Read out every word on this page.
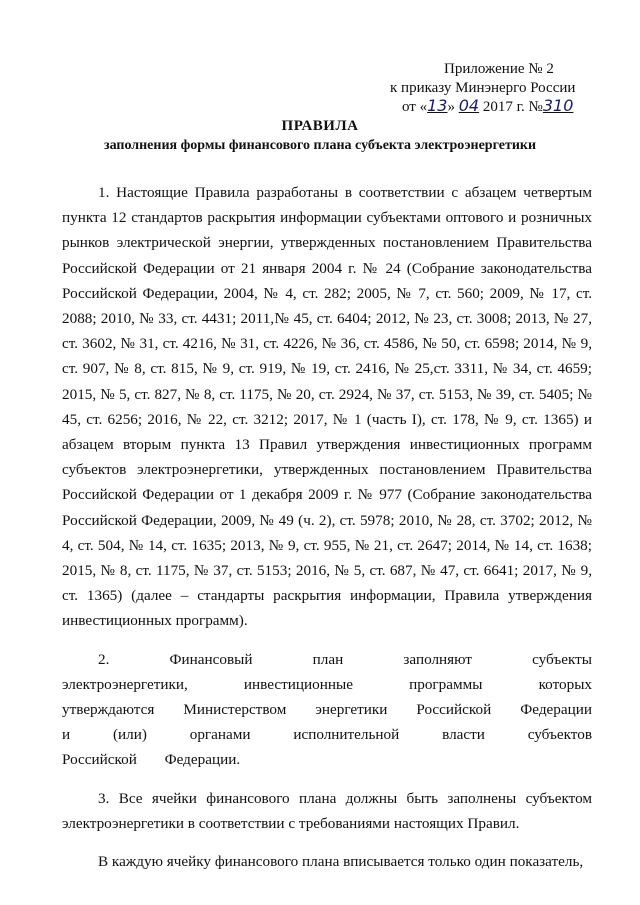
Приложение № 2
к приказу Минэнерго России
от «13» 04 2017 г. №310
ПРАВИЛА
заполнения формы финансового плана субъекта электроэнергетики

1. Настоящие Правила разработаны в соответствии с абзацем четвертым пункта 12 стандартов раскрытия информации субъектами оптового и розничных рынков электрической энергии, утвержденных постановлением Правительства Российской Федерации от 21 января 2004 г. № 24 (Собрание законодательства Российской Федерации, 2004, № 4, ст. 282; 2005, № 7, ст. 560; 2009, № 17, ст. 2088; 2010, № 33, ст. 4431; 2011,№ 45, ст. 6404; 2012, № 23, ст. 3008; 2013, № 27, ст. 3602, № 31, ст. 4216, № 31, ст. 4226, № 36, ст. 4586, № 50, ст. 6598; 2014, № 9, ст. 907, № 8, ст. 815, № 9, ст. 919, № 19, ст. 2416, № 25,ст. 3311, № 34, ст. 4659; 2015, № 5, ст. 827, № 8, ст. 1175, № 20, ст. 2924, № 37, ст. 5153, № 39, ст. 5405; № 45, ст. 6256; 2016, № 22, ст. 3212; 2017, № 1 (часть I), ст. 178, № 9, ст. 1365) и абзацем вторым пункта 13 Правил утверждения инвестиционных программ субъектов электроэнергетики, утвержденных постановлением Правительства Российской Федерации от 1 декабря 2009 г. № 977 (Собрание законодательства Российской Федерации, 2009, № 49 (ч. 2), ст. 5978; 2010, № 28, ст. 3702; 2012, № 4, ст. 504, № 14, ст. 1635; 2013, № 9, ст. 955, № 21, ст. 2647; 2014, № 14, ст. 1638; 2015, № 8, ст. 1175, № 37, ст. 5153; 2016, № 5, ст. 687, № 47, ст. 6641; 2017, № 9, ст. 1365) (далее – стандарты раскрытия информации, Правила утверждения инвестиционных программ).

2. Финансовый план заполняют субъекты электроэнергетики, инвестиционные программы которых утверждаются Министерством энергетики Российской Федерации и (или) органами исполнительной власти субъектов Российской Федерации.

3. Все ячейки финансового плана должны быть заполнены субъектом электроэнергетики в соответствии с требованиями настоящих Правил.

В каждую ячейку финансового плана вписывается только один показатель,
